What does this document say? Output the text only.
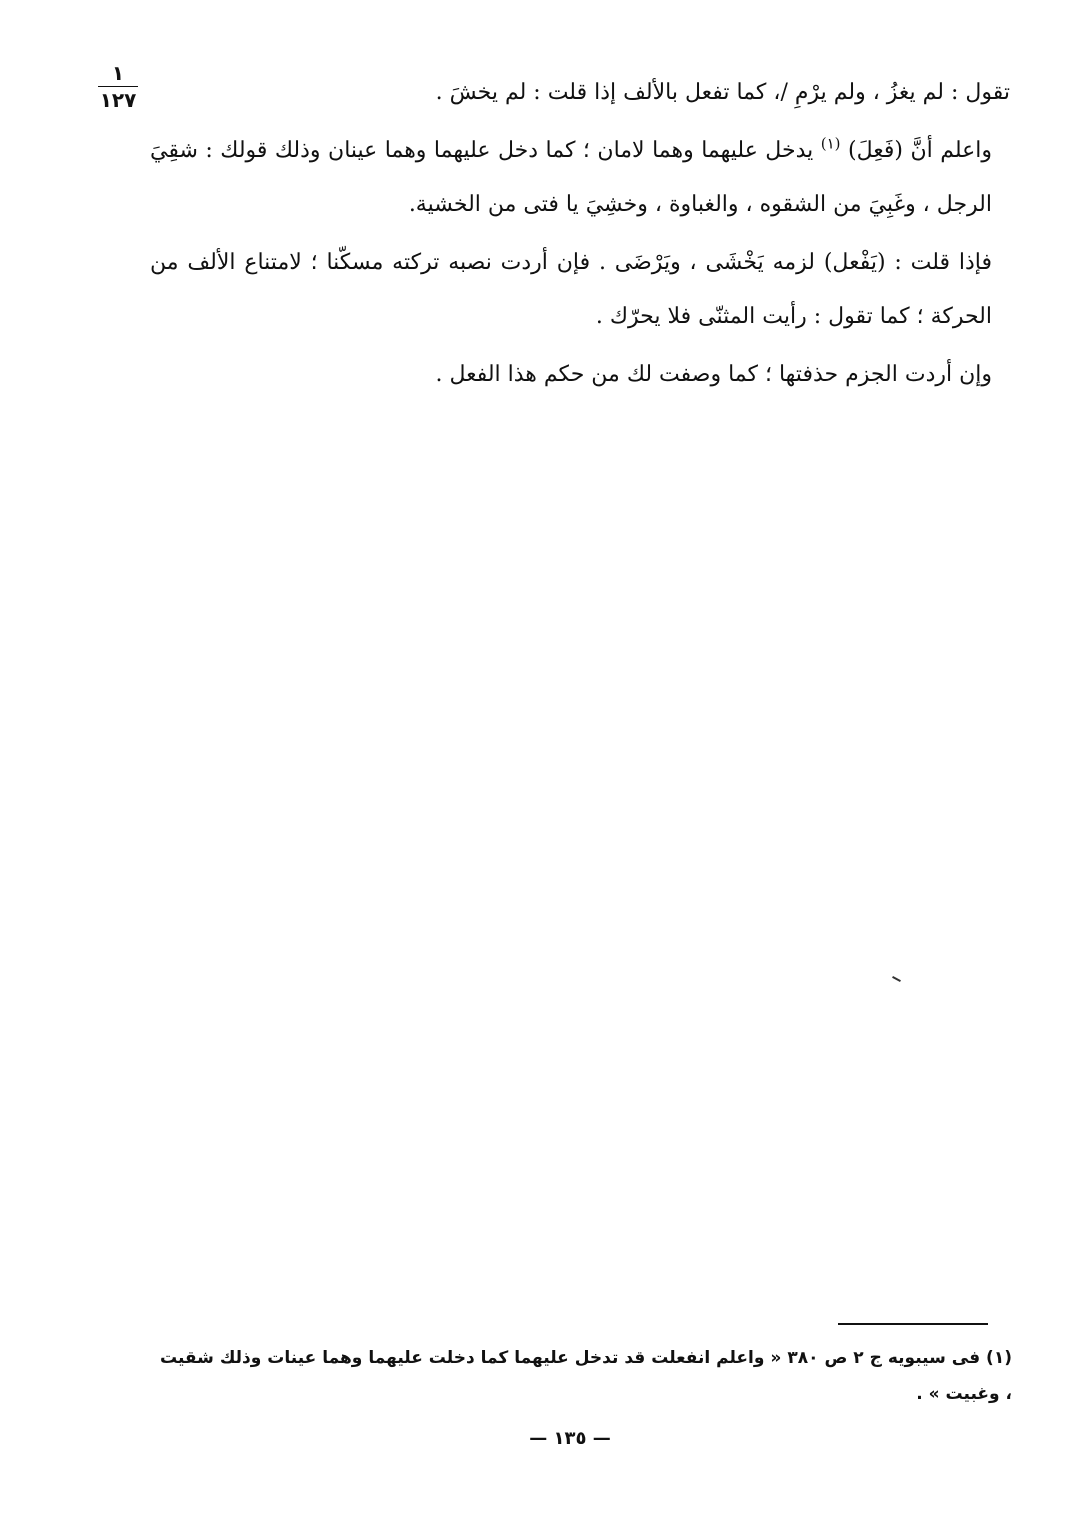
١
١٢٧	تقول : لم يغزُ ، ولم يرْمِ /، كما تفعل بالألف إذا قلت : لم يخشَ .

واعلم أنَّ (فَعِلَ) $^{(١)}$ يدخل عليهما وهما لامان ؛ كما دخل عليهما وهما عينان وذلك قولك : شقِيَ الرجل ، وغَبِيَ من الشقوه ، والغباوة ، وخشِيَ يا فتى من الخشية.

فإذا قلت : (يَفْعل) لزمه يَخْشَى ، ويَرْضَى . فإن أردت نصبه تركته مسكّنا ؛ لامتناع الألف من الحركة ؛ كما تقول : رأيت المثنّى فلا يحرّك .

وإن أردت الجزم حذفتها ؛ كما وصفت لك من حكم هذا الفعل .

(١) فى سيبويه ج ٢ ص ٣٨٠ « واعلم انفعلت قد تدخل عليهما كما دخلت عليهما وهما عينات وذلك شقيت ، وغبيت » .
— ١٣٥ —
